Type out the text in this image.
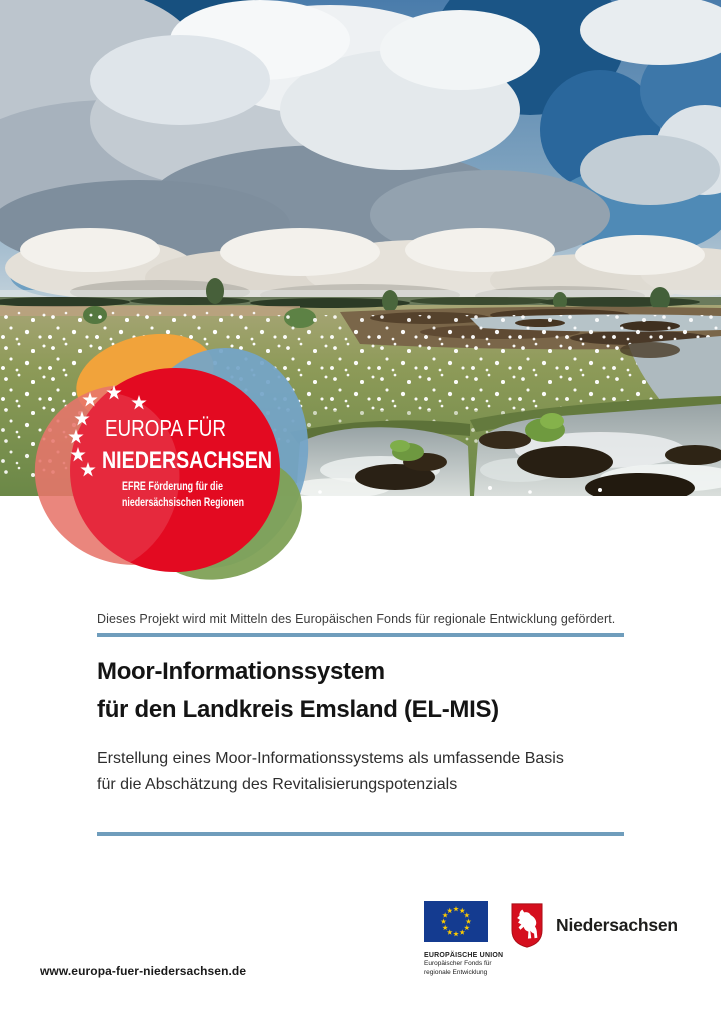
EUROPA FÜR
NIEDERSACHSEN
EFRE Förderung für die
niedersächsischen Regionen
Dieses Projekt wird mit Mitteln des Europäischen Fonds für regionale Entwicklung gefördert.
Moor-Informationssystem
für den Landkreis Emsland (EL-MIS)
Erstellung eines Moor-Informationssystems als umfassende Basis
für die Abschätzung des Revitalisierungspotenzials
EUROPÄISCHE UNION
Europäischer Fonds für
regionale Entwicklung
Niedersachsen
www.europa-fuer-niedersachsen.de
